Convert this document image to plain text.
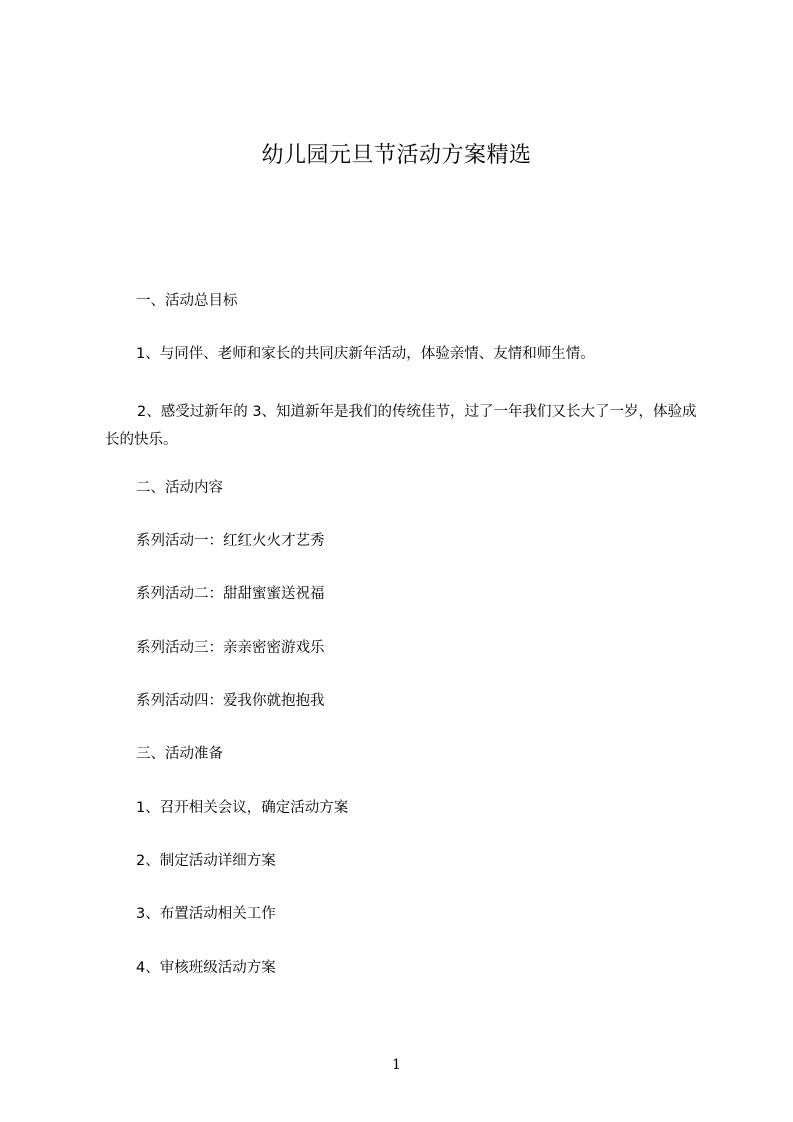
幼儿园元旦节活动方案精选
一、活动总目标
1、与同伴、老师和家长的共同庆新年活动，体验亲情、友情和师生情。
2、感受过新年的 3、知道新年是我们的传统佳节，过了一年我们又长大了一岁，体验成长的快乐。
二、活动内容
系列活动一：红红火火才艺秀
系列活动二：甜甜蜜蜜送祝福
系列活动三：亲亲密密游戏乐
系列活动四：爱我你就抱抱我
三、活动准备
1、召开相关会议，确定活动方案
2、制定活动详细方案
3、布置活动相关工作
4、审核班级活动方案
1
